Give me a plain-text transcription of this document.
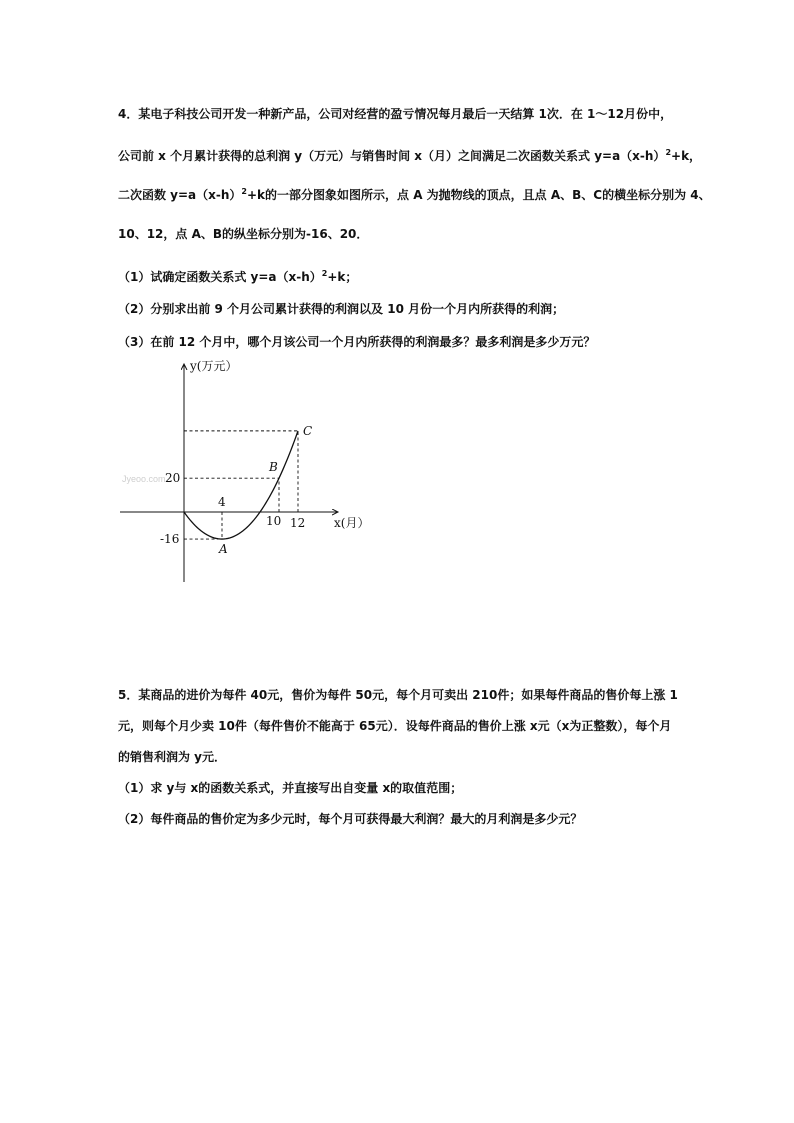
4．某电子科技公司开发一种新产品，公司对经营的盈亏情况每月最后一天结算 1次．在 1～12月份中，
公司前 x 个月累计获得的总利润 y（万元）与销售时间 x（月）之间满足二次函数关系式 $y=a(x-h)^2+k$，
二次函数 $y=a(x-h)^2+k$的一部分图象如图所示，点 A 为抛物线的顶点，且点 A、B、C的横坐标分别为 4、
10、12，点 A、B的纵坐标分别为-16、20．
（1）试确定函数关系式 $y=a(x-h)^2+k$；
（2）分别求出前 9 个月公司累计获得的利润以及 10 月份一个月内所获得的利润；
（3）在前 12 个月中，哪个月该公司一个月内所获得的利润最多？最多利润是多少万元？
Jyeoo.com
y(万元）
x(月）
4
10 12
20
-16
A
B
C
5．某商品的进价为每件 40元，售价为每件 50元，每个月可卖出 210件；如果每件商品的售价每上涨 1
元，则每个月少卖 10件（每件售价不能高于 65元）．设每件商品的售价上涨 x元（x为正整数），每个月
的销售利润为 y元．
（1）求 y与 x的函数关系式，并直接写出自变量 x的取值范围；
（2）每件商品的售价定为多少元时，每个月可获得最大利润？最大的月利润是多少元？
